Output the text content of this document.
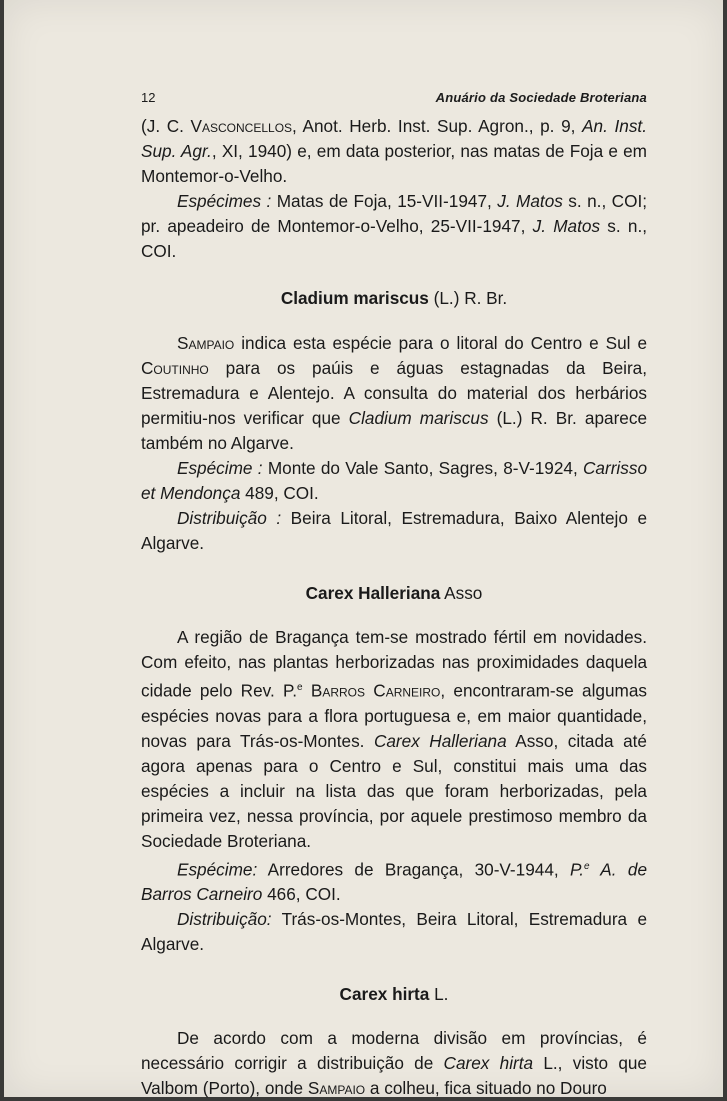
12	Anuário da Sociedade Broteriana

(J. C. Vasconcellos, Anot. Herb. Inst. Sup. Agron., p. 9, An. Inst. Sup. Agr., XI, 1940) e, em data posterior, nas matas de Foja e em Montemor-o-Velho.

Espécimes : Matas de Foja, 15-VII-1947, J. Matos s. n., COI; pr. apeadeiro de Montemor-o-Velho, 25-VII-1947, J. Matos s. n., COI.

Cladium mariscus (L.) R. Br.

Sampaio indica esta espécie para o litoral do Centro e Sul e Coutinho para os paúis e águas estagnadas da Beira, Estremadura e Alentejo. A consulta do material dos herbários permitiu-nos verificar que Cladium mariscus (L.) R. Br. aparece também no Algarve.

Espécime : Monte do Vale Santo, Sagres, 8-V-1924, Carrisso et Mendonça 489, COI.

Distribuição : Beira Litoral, Estremadura, Baixo Alentejo e Algarve.

Carex Halleriana Asso

A região de Bragança tem-se mostrado fértil em novidades. Com efeito, nas plantas herborizadas nas proximidades daquela cidade pelo Rev. P.$^e$ Barros Carneiro, encontraram-se algumas espécies novas para a flora portuguesa e, em maior quantidade, novas para Trás-os-Montes. Carex Halleriana Asso, citada até agora apenas para o Centro e Sul, constitui mais uma das espécies a incluir na lista das que foram herborizadas, pela primeira vez, nessa província, por aquele prestimoso membro da Sociedade Broteriana.

Espécime: Arredores de Bragança, 30-V-1944, P.$^e$ A. de Barros Carneiro 466, COI.

Distribuição: Trás-os-Montes, Beira Litoral, Estremadura e Algarve.

Carex hirta L.

De acordo com a moderna divisão em províncias, é necessário corrigir a distribuição de Carex hirta L., visto que Valbom (Porto), onde Sampaio a colheu, fica situado no Douro
